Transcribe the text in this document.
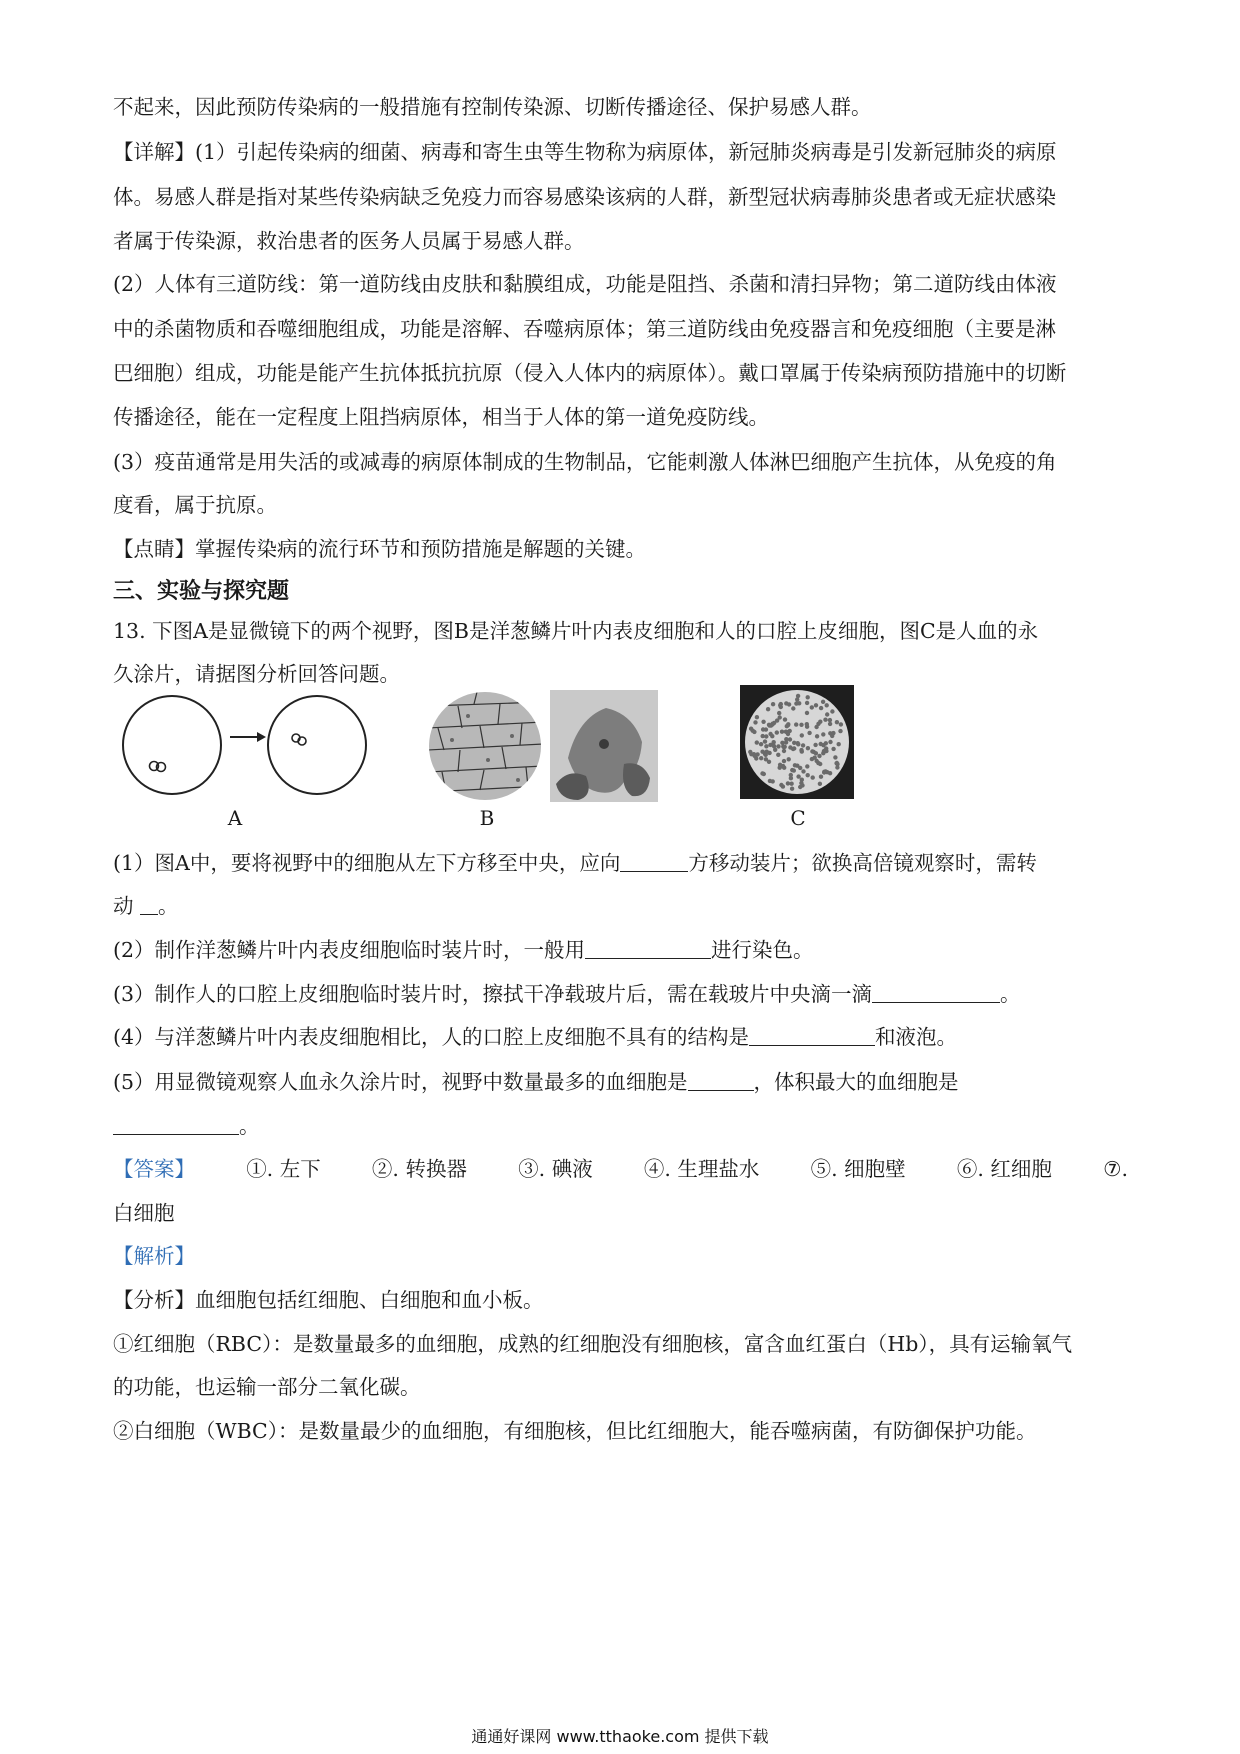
不起来，因此预防传染病的一般措施有控制传染源、切断传播途径、保护易感人群。
【详解】(1）引起传染病的细菌、病毒和寄生虫等生物称为病原体，新冠肺炎病毒是引发新冠肺炎的病原
体。易感人群是指对某些传染病缺乏免疫力而容易感染该病的人群，新型冠状病毒肺炎患者或无症状感染
者属于传染源，救治患者的医务人员属于易感人群。
(2）人体有三道防线：第一道防线由皮肤和黏膜组成，功能是阻挡、杀菌和清扫异物；第二道防线由体液
中的杀菌物质和吞噬细胞组成，功能是溶解、吞噬病原体；第三道防线由免疫器言和免疫细胞（主要是淋
巴细胞）组成，功能是能产生抗体抵抗抗原（侵入人体内的病原体）。戴口罩属于传染病预防措施中的切断
传播途径，能在一定程度上阻挡病原体，相当于人体的第一道免疫防线。
(3）疫苗通常是用失活的或减毒的病原体制成的生物制品，它能刺激人体淋巴细胞产生抗体，从免疫的角
度看，属于抗原。
【点睛】掌握传染病的流行环节和预防措施是解题的关键。
三、实验与探究题
13. 下图A是显微镜下的两个视野，图B是洋葱鳞片叶内表皮细胞和人的口腔上皮细胞，图C是人血的永
久涂片，请据图分析回答问题。
A	B	C
(1）图A中，要将视野中的细胞从左下方移至中央，应向	方移动装片；欲换高倍镜观察时，需转
动 。
(2）制作洋葱鳞片叶内表皮细胞临时装片时，一般用	进行染色。
(3）制作人的口腔上皮细胞临时装片时，擦拭干净载玻片后，需在载玻片中央滴一滴	。
(4）与洋葱鳞片叶内表皮细胞相比，人的口腔上皮细胞不具有的结构是	和液泡。
(5）用显微镜观察人血永久涂片时，视野中数量最多的血细胞是	，体积最大的血细胞是
。
【答案】 ①. 左下 ②. 转换器 ③. 碘液 ④. 生理盐水 ⑤. 细胞壁 ⑥. 红细胞 ⑦.
白细胞
【解析】
【分析】血细胞包括红细胞、白细胞和血小板。
①红细胞（RBC）：是数量最多的血细胞，成熟的红细胞没有细胞核，富含血红蛋白（Hb），具有运输氧气
的功能，也运输一部分二氧化碳。
②白细胞（WBC）：是数量最少的血细胞，有细胞核，但比红细胞大，能吞噬病菌，有防御保护功能。
通通好课网 www.tthaoke.com 提供下载
